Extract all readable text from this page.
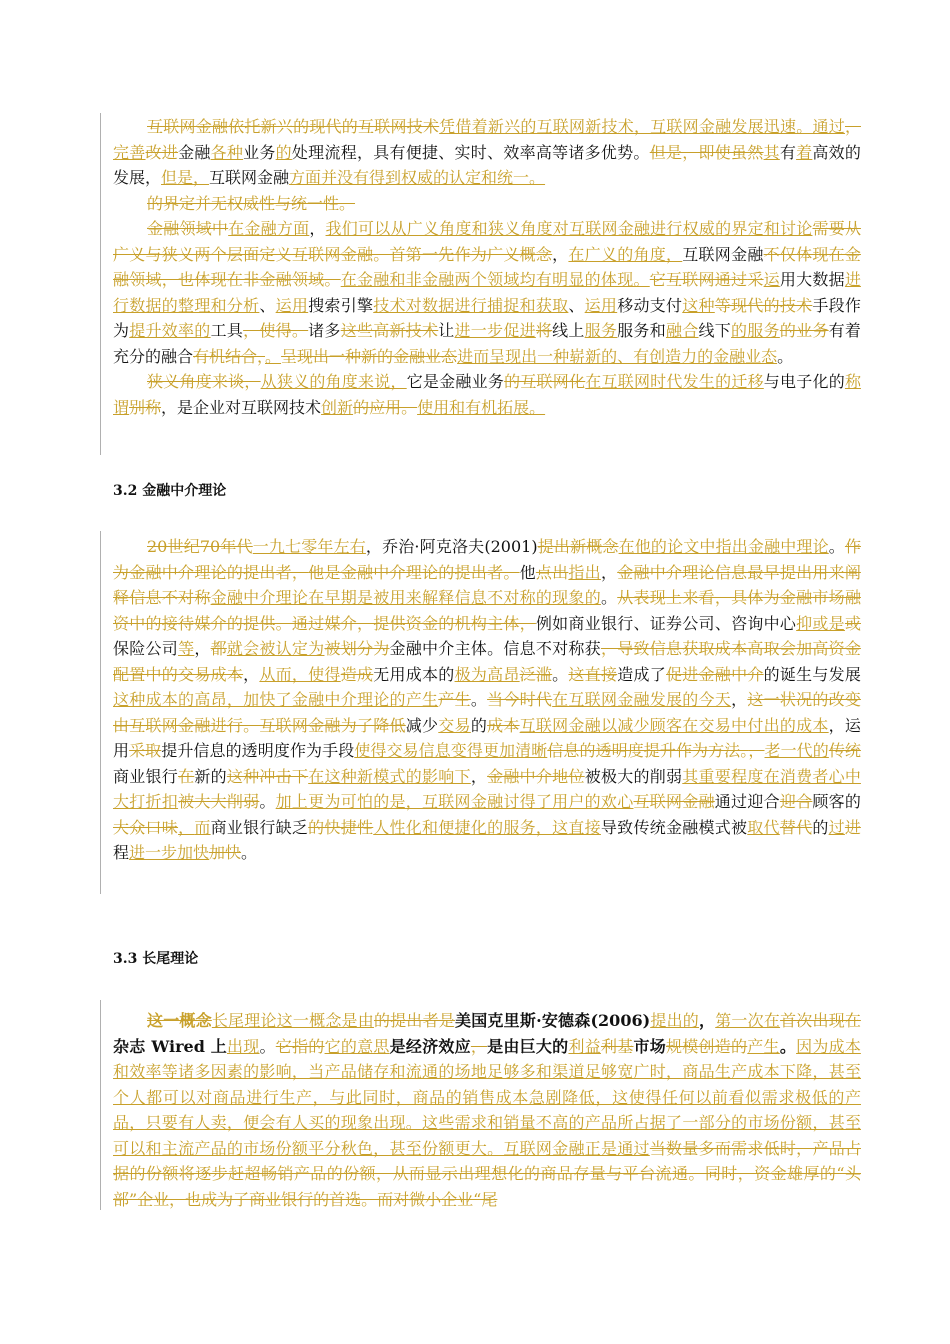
互联网金融依托新兴的现代的互联网技术凭借着新兴的互联网新技术，互联网金融发展迅速。通过，完善改进金融各种业务的处理流程，具有便捷、实时、效率高等诸多优势。但是，即使虽然其有着高效的发展，但是，互联网金融方面并没有得到权威的认定和统一。

的界定并无权威性与统一性。

金融领域中在金融方面，我们可以从广义角度和狭义角度对互联网金融进行权威的界定和讨论需要从广义与狭义两个层面定义互联网金融。首第一先作为广义概念，在广义的角度，互联网金融不仅体现在金融领域，也体现在非金融领域。在金融和非金融两个领域均有明显的体现。它互联网通过采运用大数据进行数据的整理和分析、运用搜索引擎技术对数据进行捕捉和获取、运用移动支付这种等现代的技术手段作为提升效率的工具，使得。诸多这些高新技术让进一步促进将线上服务服务和融合线下的服务的业务有着充分的融合有机结合，。呈现出一种新的金融业态进而呈现出一种崭新的、有创造力的金融业态。

狭义角度来谈，从狭义的角度来说，它是金融业务的互联网化在互联网时代发生的迁移与电子化的称谓别称，是企业对互联网技术创新的应用。使用和有机拓展。

3.2 金融中介理论

20世纪70年代一九七零年左右，乔治·阿克洛夫(2001)提出新概念在他的论文中指出金融中理论。作为金融中介理论的提出者，他是金融中介理论的提出者。他点出指出，金融中介理论信息最早提出用来阐释信息不对称金融中介理论在早期是被用来解释信息不对称的现象的。从表现上来看，具体为金融市场融资中的接待媒介的提供。通过媒介，提供资金的机构主体，例如商业银行、证券公司、咨询中心抑或是或保险公司等，都就会被认定为被划分为金融中介主体。信息不对称获，导致信息获取成本高取会加高资金配置中的交易成本，从而，使得造成无用成本的极为高昂泛滥。这直接造成了促进金融中介的诞生与发展这种成本的高昂，加快了金融中介理论的产生产生。当今时代在互联网金融发展的今天，这一状况的改变由互联网金融进行。互联网金融为了降低减少交易的成本互联网金融以减少顾客在交易中付出的成本，运用采取提升信息的透明度作为手段使得交易信息变得更加清晰信息的透明度提升作为方法。，老一代的传统商业银行在新的这种冲击下在这种新模式的影响下，金融中介地位被极大的削弱其重要程度在消费者心中大打折扣被大大削弱。加上更为可怕的是，互联网金融讨得了用户的欢心互联网金融通过迎合迎合顾客的大众口味，而商业银行缺乏的快捷性人性化和便捷化的服务，这直接导致传统金融模式被取代替代的过进程进一步加快加快。

3.3 长尾理论

这一概念长尾理论这一概念是由的提出者是美国克里斯·安德森(2006)提出的，第一次在首次出现在杂志 Wired 上出现。它指的它的意思是经济效应，是由巨大的利益利基市场规模创造的产生。因为成本和效率等诸多因素的影响，当产品储存和流通的场地足够多和渠道足够宽广时，商品生产成本下降，甚至个人都可以对商品进行生产，与此同时，商品的销售成本急剧降低，这使得任何以前看似需求极低的产品，只要有人卖，便会有人买的现象出现。这些需求和销量不高的产品所占据了一部分的市场份额，甚至可以和主流产品的市场份额平分秋色，甚至份额更大。互联网金融正是通过当数量多而需求低时，产品占据的份额将逐步赶超畅销产品的份额，从而显示出理想化的商品存量与平台流通。同时，资金雄厚的“头部”企业，也成为了商业银行的首选。而对微小企业“尾
